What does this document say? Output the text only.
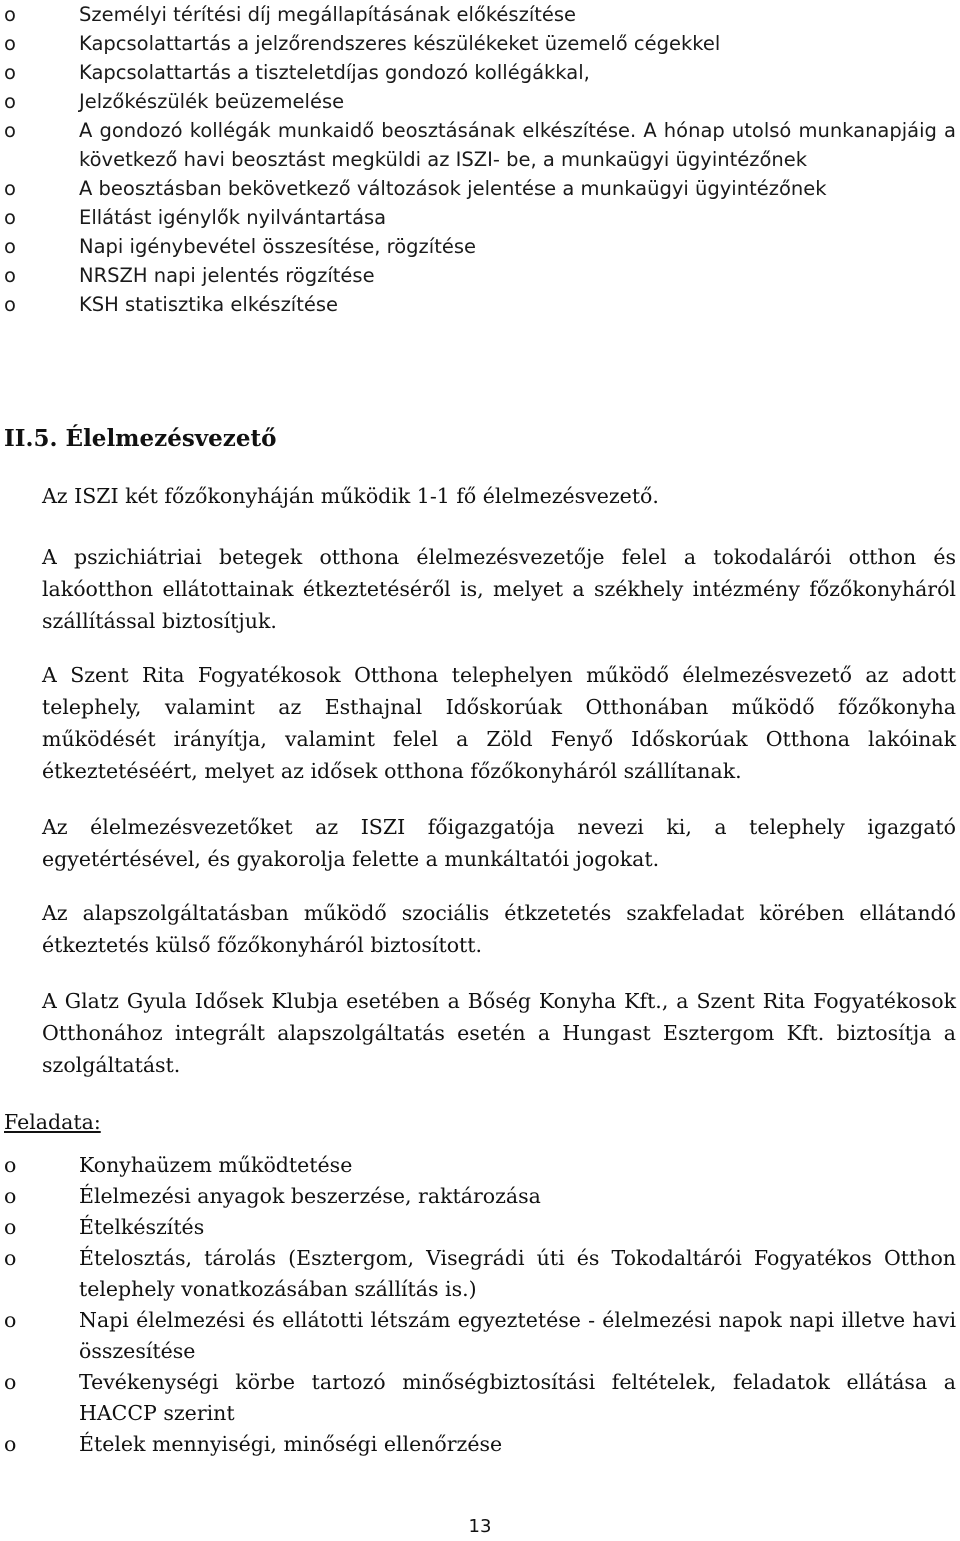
o	Személyi térítési díj megállapításának előkészítése
o	Kapcsolattartás a jelzőrendszeres készülékeket üzemelő cégekkel
o	Kapcsolattartás a tiszteletdíjas gondozó kollégákkal,
o	Jelzőkészülék beüzemelése
o	A gondozó kollégák munkaidő beosztásának elkészítése. A hónap utolsó munkanapjáig a következő havi beosztást megküldi az ISZI- be, a munkaügyi ügyintézőnek
o	A beosztásban bekövetkező változások jelentése a munkaügyi ügyintézőnek
o	Ellátást igénylők nyilvántartása
o	Napi igénybevétel összesítése, rögzítése
o	NRSZH napi jelentés rögzítése
o	KSH statisztika elkészítése
II.5. Élelmezésvezető

Az ISZI két főzőkonyháján működik 1-1 fő élelmezésvezető.

A pszichiátriai betegek otthona élelmezésvezetője felel a tokodalárói otthon és lakóotthon ellátottainak étkeztetéséről is, melyet a székhely intézmény főzőkonyháról szállítással biztosítjuk.

A Szent Rita Fogyatékosok Otthona telephelyen működő élelmezésvezető az adott telephely, valamint az Esthajnal Időskorúak Otthonában működő főzőkonyha működését irányítja, valamint felel a Zöld Fenyő Időskorúak Otthona lakóinak étkeztetéséért, melyet az idősek otthona főzőkonyháról szállítanak.

Az élelmezésvezetőket az ISZI főigazgatója nevezi ki, a telephely igazgató egyetértésével, és gyakorolja felette a munkáltatói jogokat.

Az alapszolgáltatásban működő szociális étkzetetés szakfeladat körében ellátandó étkeztetés külső főzőkonyháról biztosított.

A Glatz Gyula Idősek Klubja esetében a Bőség Konyha Kft., a Szent Rita Fogyatékosok Otthonához integrált alapszolgáltatás esetén a Hungast Esztergom Kft. biztosítja a szolgáltatást.

Feladata:

o	Konyhaüzem működtetése
o	Élelmezési anyagok beszerzése, raktározása
o	Ételkészítés
o	Ételosztás, tárolás (Esztergom, Visegrádi úti és Tokodaltárói Fogyatékos Otthon telephely vonatkozásában szállítás is.)
o	Napi élelmezési és ellátotti létszám egyeztetése - élelmezési napok napi illetve havi összesítése
o	Tevékenységi körbe tartozó minőségbiztosítási feltételek, feladatok ellátása a HACCP szerint
o	Ételek mennyiségi, minőségi ellenőrzése
13
